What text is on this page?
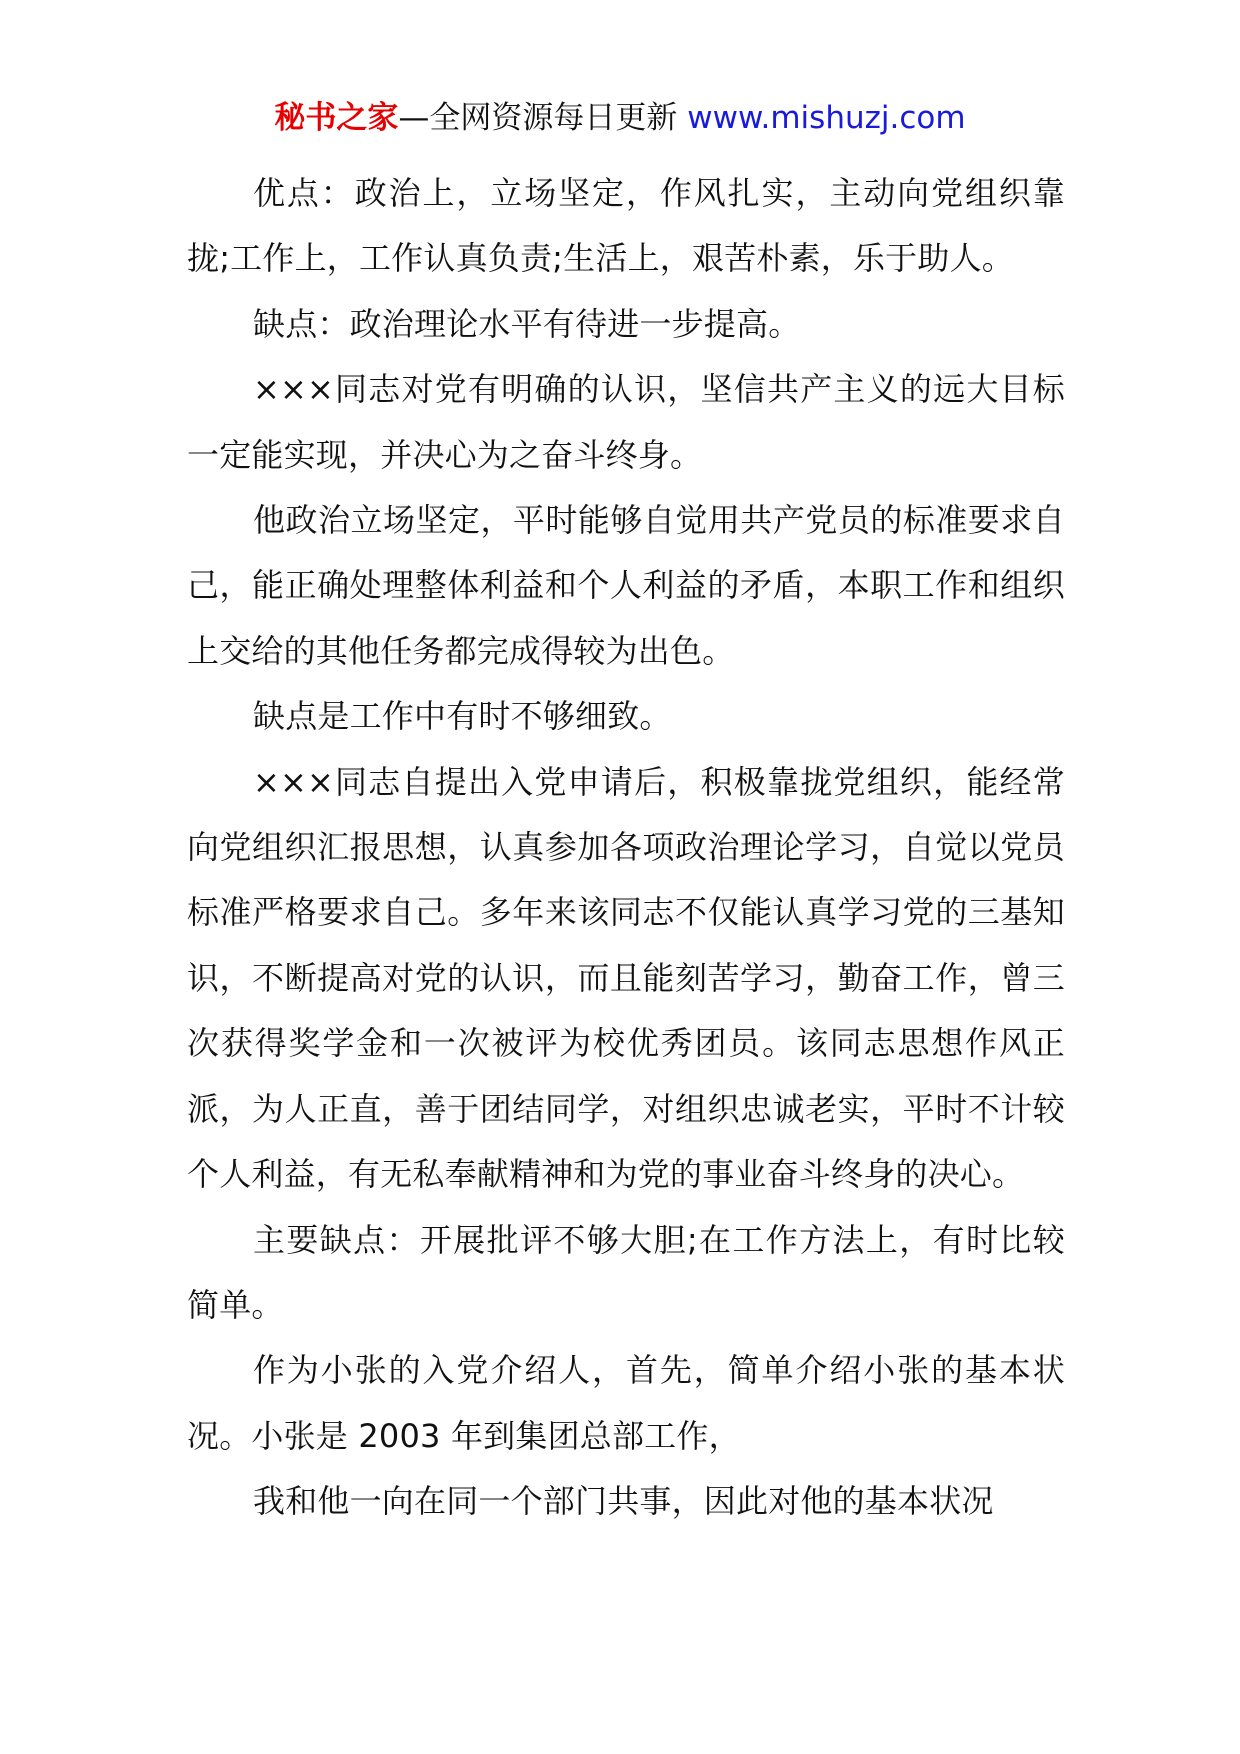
秘书之家—全网资源每日更新 www.mishuzj.com

优点：政治上，立场坚定，作风扎实，主动向党组织靠拢;工作上，工作认真负责;生活上，艰苦朴素，乐于助人。

缺点：政治理论水平有待进一步提高。

×××同志对党有明确的认识，坚信共产主义的远大目标一定能实现，并决心为之奋斗终身。

他政治立场坚定，平时能够自觉用共产党员的标准要求自己，能正确处理整体利益和个人利益的矛盾，本职工作和组织上交给的其他任务都完成得较为出色。

缺点是工作中有时不够细致。

×××同志自提出入党申请后，积极靠拢党组织，能经常向党组织汇报思想，认真参加各项政治理论学习，自觉以党员标准严格要求自己。多年来该同志不仅能认真学习党的三基知识，不断提高对党的认识，而且能刻苦学习，勤奋工作，曾三次获得奖学金和一次被评为校优秀团员。该同志思想作风正派，为人正直，善于团结同学，对组织忠诚老实，平时不计较个人利益，有无私奉献精神和为党的事业奋斗终身的决心。

主要缺点：开展批评不够大胆;在工作方法上，有时比较简单。

作为小张的入党介绍人，首先，简单介绍小张的基本状况。小张是 2003 年到集团总部工作，

我和他一向在同一个部门共事，因此对他的基本状况
